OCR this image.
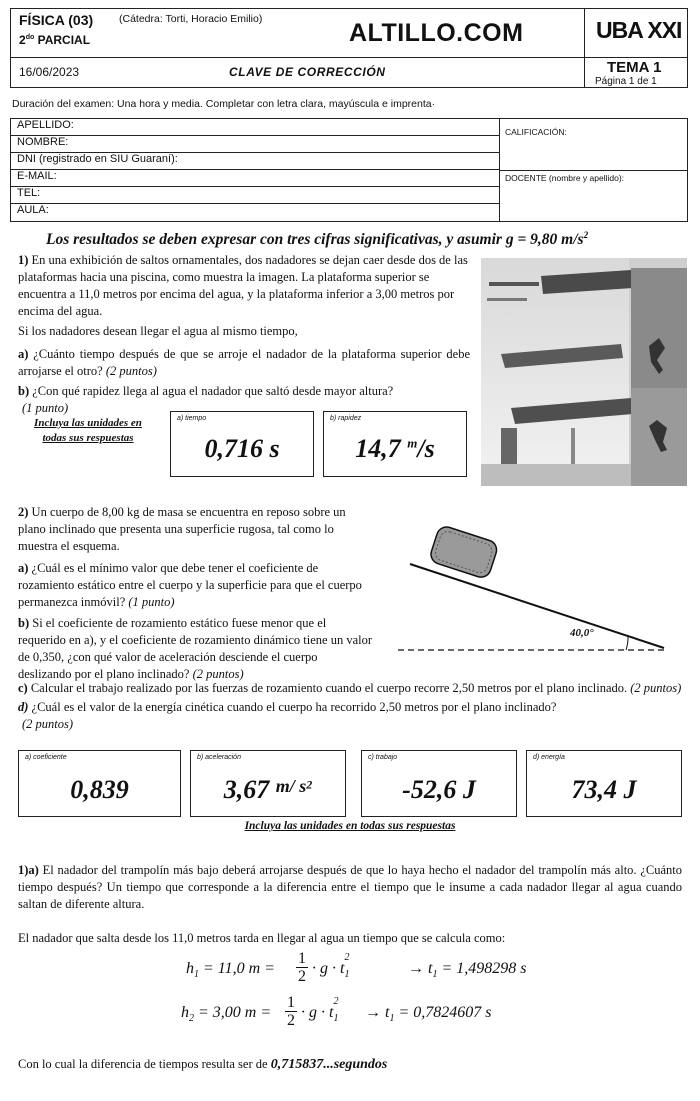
FÍSICA (03) (Cátedra: Torti, Horacio Emilio)
$2^{do}$ PARCIAL	ALTILLO.COM	UBA XXI
16/06/2023	CLAVE DE CORRECCIÓN	TEMA 1
Página 1 de 1
Duración del examen: Una hora y media. Completar con letra clara, mayúscula e imprenta·
APELLIDO:
NOMBRE:
DNI (registrado en SIU Guaraní):
E-MAIL:
TEL:
AULA:
CALIFICACIÓN:
DOCENTE (nombre y apellido):
Los resultados se deben expresar con tres cifras significativas, y asumir g = 9,80 $m/s^2$

1) En una exhibición de saltos ornamentales, dos nadadores se dejan caer desde dos de las plataformas hacia una piscina, como muestra la imagen. La plataforma superior se encuentra a 11,0 metros por encima del agua, y la plataforma inferior a 3,00 metros por encima del agua.

Si los nadadores desean llegar el agua al mismo tiempo,

a) ¿Cuánto tiempo después de que se arroje el nadador de la plataforma superior debe arrojarse el otro? (2 puntos)

b) ¿Con qué rapidez llega al agua el nadador que saltó desde mayor altura?

(1 punto)

Incluya las unidades en
todas sus respuestas
a) tiempo
0,716 s
b) rapidez
14,7 $^m$/s

2) Un cuerpo de 8,00 kg de masa se encuentra en reposo sobre un plano inclinado que presenta una superficie rugosa, tal como lo muestra el esquema.

a) ¿Cuál es el mínimo valor que debe tener el coeficiente de rozamiento estático entre el cuerpo y la superficie para que el cuerpo permanezca inmóvil? (1 punto)

b) Si el coeficiente de rozamiento estático fuese menor que el requerido en a), y el coeficiente de rozamiento dinámico tiene un valor de 0,350, ¿con qué valor de aceleración desciende el cuerpo deslizando por el plano inclinado? (2 puntos)

40,0°

c) Calcular el trabajo realizado por las fuerzas de rozamiento cuando el cuerpo recorre 2,50 metros por el plano inclinado. (2 puntos)

d) ¿Cuál es el valor de la energía cinética cuando el cuerpo ha recorrido 2,50 metros por el plano inclinado?

(2 puntos)

a) coeficiente
0,839
b) aceleración
3,67 $^{m/ s2}$
c) trabajo
-52,6 J
d) energía
73,4 J
Incluya las unidades en todas sus respuestas
1)a) El nadador del trampolín más bajo deberá arrojarse después de que lo haya hecho el nadador del trampolín más alto. ¿Cuánto tiempo después? Un tiempo que corresponde a la diferencia entre el tiempo que le insume a cada nadador llegar al agua cuando saltan de diferente altura.
El nadador que salta desde los 11,0 metros tarda en llegar al agua un tiempo que se calcula como:
$h_1 = 11,0$ m =
1
$2 \cdot g \cdot t_1$
2
→ $t_1 = 1,498298$ s
$h_2 = 3,00$ m =
1
$2 \cdot g \cdot t_1$
2
→ $t_1 = 0,7824607$ s
Con lo cual la diferencia de tiempos resulta ser de 0,715837...segundos
